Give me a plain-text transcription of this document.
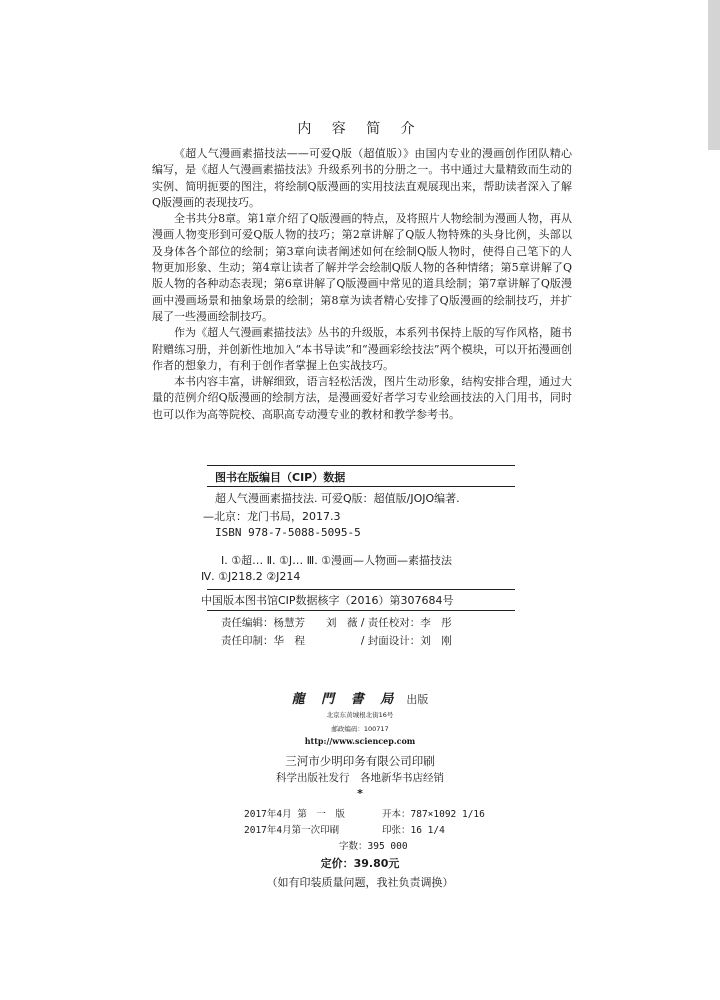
内 容 简 介

《超人气漫画素描技法——可爱Q版（超值版）》由国内专业的漫画创作团队精心编写，是《超人气漫画素描技法》升级系列书的分册之一。书中通过大量精致而生动的实例、简明扼要的图注，将绘制Q版漫画的实用技法直观展现出来，帮助读者深入了解Q版漫画的表现技巧。

全书共分8章。第1章介绍了Q版漫画的特点，及将照片人物绘制为漫画人物，再从漫画人物变形到可爱Q版人物的技巧；第2章讲解了Q版人物特殊的头身比例，头部以及身体各个部位的绘制；第3章向读者阐述如何在绘制Q版人物时，使得自己笔下的人物更加形象、生动；第4章让读者了解并学会绘制Q版人物的各种情绪；第5章讲解了Q版人物的各种动态表现；第6章讲解了Q版漫画中常见的道具绘制；第7章讲解了Q版漫画中漫画场景和抽象场景的绘制；第8章为读者精心安排了Q版漫画的绘制技巧，并扩展了一些漫画绘制技巧。

作为《超人气漫画素描技法》丛书的升级版，本系列书保持上版的写作风格，随书附赠练习册，并创新性地加入“本书导读”和“漫画彩绘技法”两个模块，可以开拓漫画创作者的想象力，有利于创作者掌握上色实战技巧。

本书内容丰富，讲解细致，语言轻松活泼，图片生动形象，结构安排合理，通过大量的范例介绍Q版漫画的绘制方法，是漫画爱好者学习专业绘画技法的入门用书，同时也可以作为高等院校、高职高专动漫专业的教材和教学参考书。

图书在版编目（CIP）数据
超人气漫画素描技法. 可爱Q版：超值版/JOJO编著.
—北京：龙门书局，2017.3
ISBN 978-7-5088-5095-5
Ⅰ. ①超… Ⅱ. ①J… Ⅲ. ①漫画—人物画—素描技法
Ⅳ. ①J218.2 ②J214
中国版本图书馆CIP数据核字（2016）第307684号
责任编辑：杨慧芳　　刘　薇 / 责任校对：李　彤
责任印制：华　程　　　　　 / 封面设计：刘　刚
龍 門 書 局 出版
北京东黄城根北街16号
邮政编码：100717
http://www.sciencep.com
三河市少明印务有限公司印刷
科学出版社发行　各地新华书店经销
*
2017年4月 第　一　版	开本：787×1092 1/16
2017年4月第一次印刷	印张：16 1/4
字数：395 000
定价：39.80元
（如有印装质量问题，我社负责调换）
